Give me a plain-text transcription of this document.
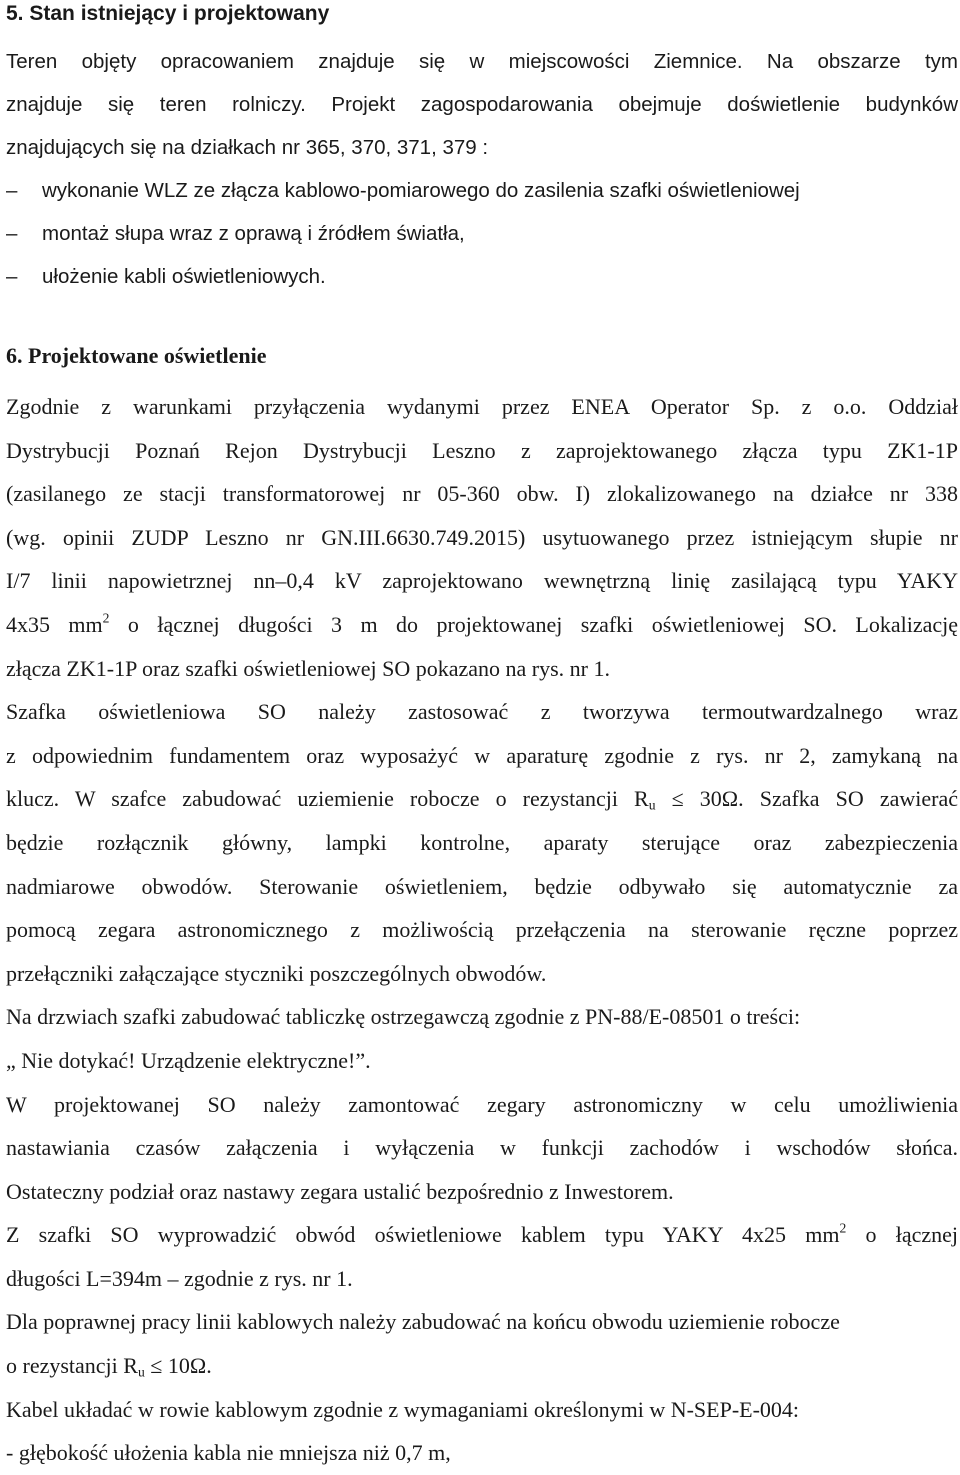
5. Stan istniejący i projektowany
Teren objęty opracowaniem znajduje się w miejscowości Ziemnice. Na obszarze tym
znajduje się teren rolniczy. Projekt zagospodarowania obejmuje doświetlenie budynków
znajdujących się na działkach nr 365, 370, 371, 379 :
–	wykonanie WLZ ze złącza kablowo-pomiarowego do zasilenia szafki oświetleniowej
–	montaż słupa wraz z oprawą i źródłem światła,
–	ułożenie kabli oświetleniowych.
6. Projektowane oświetlenie
Zgodnie z warunkami przyłączenia wydanymi przez ENEA Operator Sp. z o.o. Oddział
Dystrybucji Poznań Rejon Dystrybucji Leszno z zaprojektowanego złącza typu ZK1-1P
(zasilanego ze stacji transformatorowej nr 05-360 obw. I) zlokalizowanego na działce nr 338
(wg. opinii ZUDP Leszno nr GN.III.6630.749.2015) usytuowanego przez istniejącym słupie nr
I/7 linii napowietrznej nn–0,4 kV zaprojektowano wewnętrzną linię zasilającą typu YAKY
4x35 $mm^2$ o łącznej długości 3 m do projektowanej szafki oświetleniowej SO. Lokalizację
złącza ZK1-1P oraz szafki oświetleniowej SO pokazano na rys. nr 1.
Szafka oświetleniowa SO należy zastosować z tworzywa termoutwardzalnego wraz
z odpowiednim fundamentem oraz wyposażyć w aparaturę zgodnie z rys. nr 2, zamykaną na
klucz. W szafce zabudować uziemienie robocze o rezystancji $R_u \le 30\Omega$. Szafka SO zawierać
będzie rozłącznik główny, lampki kontrolne, aparaty sterujące oraz zabezpieczenia
nadmiarowe obwodów. Sterowanie oświetleniem, będzie odbywało się automatycznie za
pomocą zegara astronomicznego z możliwością przełączenia na sterowanie ręczne poprzez
przełączniki załączające styczniki poszczególnych obwodów.
Na drzwiach szafki zabudować tabliczkę ostrzegawczą zgodnie z PN-88/E-08501 o treści:
„ Nie dotykać! Urządzenie elektryczne!”.
W projektowanej SO należy zamontować zegary astronomiczny w celu umożliwienia
nastawiania czasów załączenia i wyłączenia w funkcji zachodów i wschodów słońca.
Ostateczny podział oraz nastawy zegara ustalić bezpośrednio z Inwestorem.
Z szafki SO wyprowadzić obwód oświetleniowe kablem typu YAKY 4x25 $mm^2$ o łącznej
długości L=394m – zgodnie z rys. nr 1.
Dla poprawnej pracy linii kablowych należy zabudować na końcu obwodu uziemienie robocze
o rezystancji $R_u \le 10\Omega$.
Kabel układać w rowie kablowym zgodnie z wymaganiami określonymi w N-SEP-E-004:
- głębokość ułożenia kabla nie mniejsza niż 0,7 m,
